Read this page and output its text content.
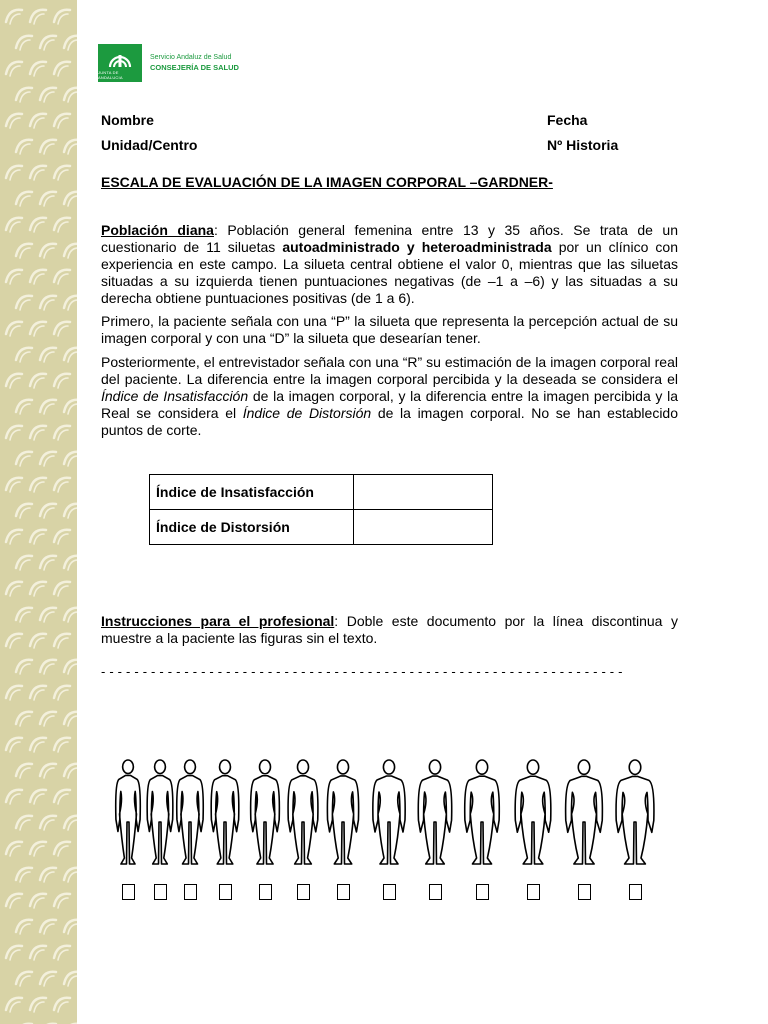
JUNTA DE ANDALUCIA
Servicio Andaluz de Salud
CONSEJERÍA DE SALUD
Nombre	Fecha
Unidad/Centro	Nº Historia
ESCALA DE EVALUACIÓN DE LA IMAGEN CORPORAL –GARDNER-
Población diana: Población general femenina entre 13 y 35 años. Se trata de un cuestionario de 11 siluetas autoadministrado y heteroadministrada por un clínico con experiencia en este campo. La silueta central obtiene el valor 0, mientras que las siluetas situadas a su izquierda tienen puntuaciones negativas (de –1 a –6) y las situadas a su derecha obtiene puntuaciones positivas (de 1 a 6).
Primero, la paciente señala con una “P” la silueta que representa la percepción actual de su imagen corporal y con una “D” la silueta que desearían tener.
Posteriormente, el entrevistador señala con una “R” su estimación de la imagen corporal real del paciente. La diferencia entre la imagen corporal percibida y la deseada se considera el Índice de Insatisfacción de la imagen corporal, y la diferencia entre la imagen percibida y la Real se considera el Índice de Distorsión de la imagen corporal. No se han establecido puntos de corte.
Índice de Insatisfacción	
Índice de Distorsión	
Instrucciones para el profesional: Doble este documento por la línea discontinua y muestre a la paciente las figuras sin el texto.
- - - - - - - - - - - - - - - - - - - - - - - - - - - - - - - - - - - - - - - - - - - - - - - - - - - - - - - - - - - - - - -
